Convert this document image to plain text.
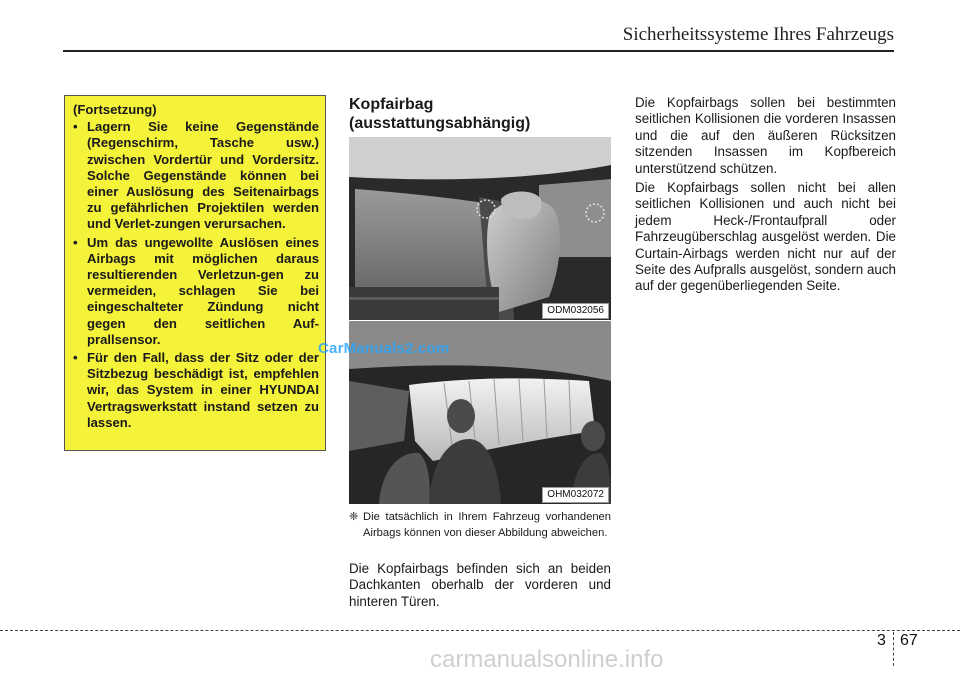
Sicherheitssysteme Ihres Fahrzeugs
(Fortsetzung)
• Lagern Sie keine Gegenstände (Regenschirm, Tasche usw.) zwischen Vordertür und Vordersitz. Solche Gegenstände können bei einer Auslösung des Seitenairbags zu gefährlichen Projektilen werden und Verlet-zungen verursachen.
• Um das ungewollte Auslösen eines Airbags mit möglichen daraus resultierenden Verletzun-gen zu vermeiden, schlagen Sie bei eingeschalteter Zündung nicht gegen den seitlichen Auf-prallsensor.
• Für den Fall, dass der Sitz oder der Sitzbezug beschädigt ist, empfehlen wir, das System in einer HYUNDAI Vertragswerkstatt instand setzen zu lassen.
Kopfairbag
(ausstattungsabhängig)
ODM032056
OHM032072
CarManuals2.com

❈ Die tatsächlich in Ihrem Fahrzeug vorhandenen Airbags können von dieser Abbildung abweichen.

Die Kopfairbags befinden sich an beiden Dachkanten oberhalb der vorderen und hinteren Türen.

Die Kopfairbags sollen bei bestimmten seitlichen Kollisionen die vorderen Insassen und die auf den äußeren Rücksitzen sitzenden Insassen im Kopfbereich unterstützend schützen.

Die Kopfairbags sollen nicht bei allen seitlichen Kollisionen und auch nicht bei jedem Heck-/Frontaufprall oder Fahrzeugüberschlag ausgelöst werden. Die Curtain-Airbags werden nicht nur auf der Seite des Aufpralls ausgelöst, sondern auch auf der gegenüberliegenden Seite.

3 67
carmanualsonline.info
